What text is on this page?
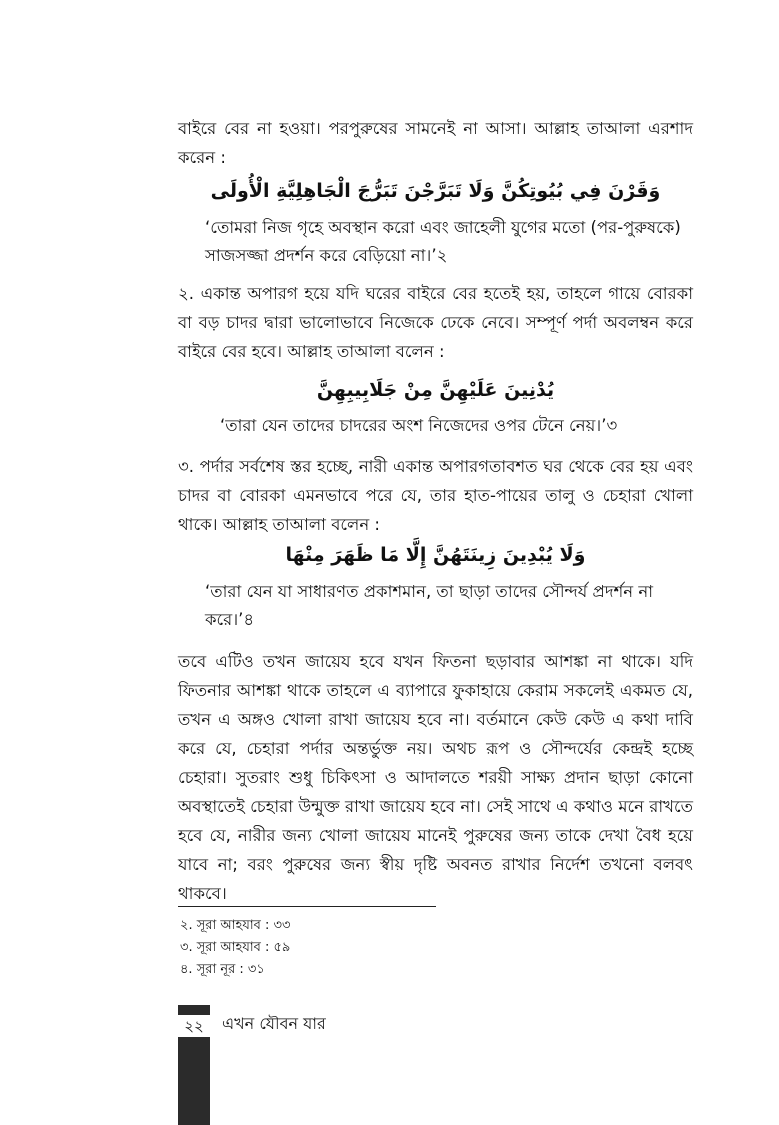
বাইরে বের না হওয়া। পরপুরুষের সামনেই না আসা। আল্লাহ তাআলা এরশাদ করেন :
وَقَرْنَ فِي بُيُوتِكُنَّ وَلَا تَبَرَّجْنَ تَبَرُّجَ الْجَاهِلِيَّةِ الْأُولَى
‘তোমরা নিজ গৃহে অবস্থান করো এবং জাহেলী যুগের মতো (পর-পুরুষকে) সাজসজ্জা প্রদর্শন করে বেড়িয়ো না।’২
২. একান্ত অপারগ হয়ে যদি ঘরের বাইরে বের হতেই হয়, তাহলে গায়ে বোরকা বা বড় চাদর দ্বারা ভালোভাবে নিজেকে ঢেকে নেবে। সম্পূর্ণ পর্দা অবলম্বন করে বাইরে বের হবে। আল্লাহ তাআলা বলেন :
يُدْنِينَ عَلَيْهِنَّ مِنْ جَلَابِيبِهِنَّ
‘তারা যেন তাদের চাদরের অংশ নিজেদের ওপর টেনে নেয়।’৩
৩. পর্দার সর্বশেষ স্তর হচ্ছে, নারী একান্ত অপারগতাবশত ঘর থেকে বের হয় এবং চাদর বা বোরকা এমনভাবে পরে যে, তার হাত-পায়ের তালু ও চেহারা খোলা থাকে। আল্লাহ তাআলা বলেন :
وَلَا يُبْدِينَ زِينَتَهُنَّ إِلَّا مَا ظَهَرَ مِنْهَا
‘তারা যেন যা সাধারণত প্রকাশমান, তা ছাড়া তাদের সৌন্দর্য প্রদর্শন না করে।’৪
তবে এটিও তখন জায়েয হবে যখন ফিতনা ছড়াবার আশঙ্কা না থাকে। যদি ফিতনার আশঙ্কা থাকে তাহলে এ ব্যাপারে ফুকাহায়ে কেরাম সকলেই একমত যে, তখন এ অঙ্গও খোলা রাখা জায়েয হবে না। বর্তমানে কেউ কেউ এ কথা দাবি করে যে, চেহারা পর্দার অন্তর্ভুক্ত নয়। অথচ রূপ ও সৌন্দর্যের কেন্দ্রই হচ্ছে চেহারা। সুতরাং শুধু চিকিৎসা ও আদালতে শরয়ী সাক্ষ্য প্রদান ছাড়া কোনো অবস্থাতেই চেহারা উন্মুক্ত রাখা জায়েয হবে না। সেই সাথে এ কথাও মনে রাখতে হবে যে, নারীর জন্য খোলা জায়েয মানেই পুরুষের জন্য তাকে দেখা বৈধ হয়ে যাবে না; বরং পুরুষের জন্য স্বীয় দৃষ্টি অবনত রাখার নির্দেশ তখনো বলবৎ থাকবে।
২. সূরা আহযাব : ৩৩
৩. সূরা আহযাব : ৫৯
৪. সূরা নূর : ৩১
২২	এখন যৌবন যার
